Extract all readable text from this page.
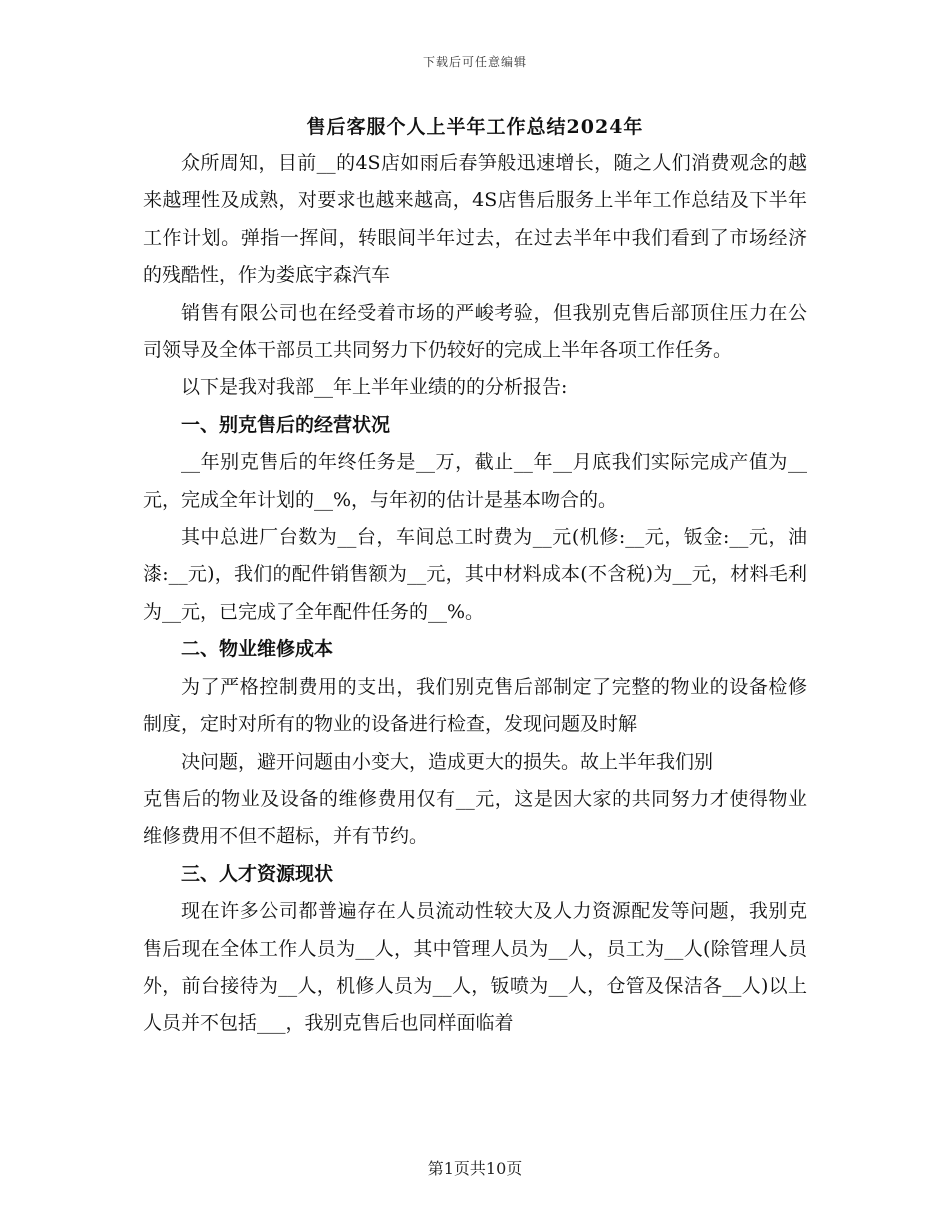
下载后可任意编辑
售后客服个人上半年工作总结2024年

众所周知，目前__的4S店如雨后春笋般迅速增长，随之人们消费观念的越来越理性及成熟，对要求也越来越高，4S店售后服务上半年工作总结及下半年工作计划。弹指一挥间，转眼间半年过去，在过去半年中我们看到了市场经济的残酷性，作为娄底宇森汽车

销售有限公司也在经受着市场的严峻考验，但我别克售后部顶住压力在公司领导及全体干部员工共同努力下仍较好的完成上半年各项工作任务。

以下是我对我部__年上半年业绩的的分析报告:

一、别克售后的经营状况

__年别克售后的年终任务是__万，截止__年__月底我们实际完成产值为__元，完成全年计划的__%，与年初的估计是基本吻合的。

其中总进厂台数为__台，车间总工时费为__元(机修:__元，钣金:__元，油漆:__元)，我们的配件销售额为__元，其中材料成本(不含税)为__元，材料毛利为__元，已完成了全年配件任务的__%。

二、物业维修成本

为了严格控制费用的支出，我们别克售后部制定了完整的物业的设备检修制度，定时对所有的物业的设备进行检查，发现问题及时解

决问题，避开问题由小变大，造成更大的损失。故上半年我们别

克售后的物业及设备的维修费用仅有__元，这是因大家的共同努力才使得物业维修费用不但不超标，并有节约。

三、人才资源现状

现在许多公司都普遍存在人员流动性较大及人力资源配发等问题，我别克售后现在全体工作人员为__人，其中管理人员为__人，员工为__人(除管理人员外，前台接待为__人，机修人员为__人，钣喷为__人，仓管及保洁各__人)以上人员并不包括___，我别克售后也同样面临着

第1页共10页
